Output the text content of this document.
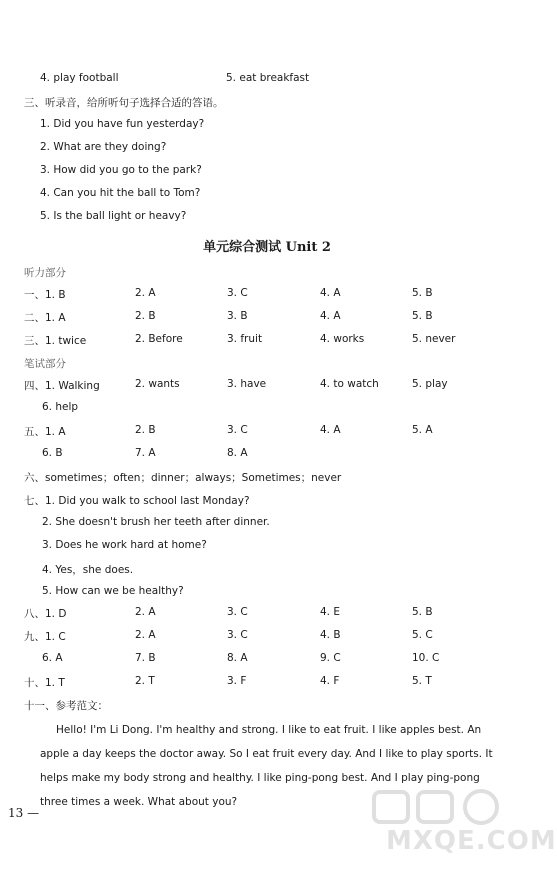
4. play football	5. eat breakfast
三、听录音，给所听句子选择合适的答语。
1. Did you have fun yesterday?
2. What are they doing?
3. How did you go to the park?
4. Can you hit the ball to Tom?
5. Is the ball light or heavy?
单元综合测试 Unit 2
听力部分
一、1. B	2. A	3. C	4. A	5. B
二、1. A	2. B	3. B	4. A	5. B
三、1. twice	2. Before	3. fruit	4. works	5. never
笔试部分
四、1. Walking	2. wants	3. have	4. to watch	5. play
6. help
五、1. A	2. B	3. C	4. A	5. A
6. B	7. A	8. A
六、sometimes；often；dinner；always；Sometimes；never
七、1. Did you walk to school last Monday?
2. She doesn't brush her teeth after dinner.
3. Does he work hard at home?
4. Yes，she does.
5. How can we be healthy?
八、1. D	2. A	3. C	4. E	5. B
九、1. C	2. A	3. C	4. B	5. C
6. A	7. B	8. A	9. C	10. C
十、1. T	2. T	3. F	4. F	5. T
十一、参考范文：
Hello! I'm Li Dong. I'm healthy and strong. I like to eat fruit. I like apples best. An apple a day keeps the doctor away. So I eat fruit every day. And I like to play sports. It helps make my body strong and healthy. I like ping-pong best. And I play ping-pong three times a week. What about you?
13 —
MXQE.COM
